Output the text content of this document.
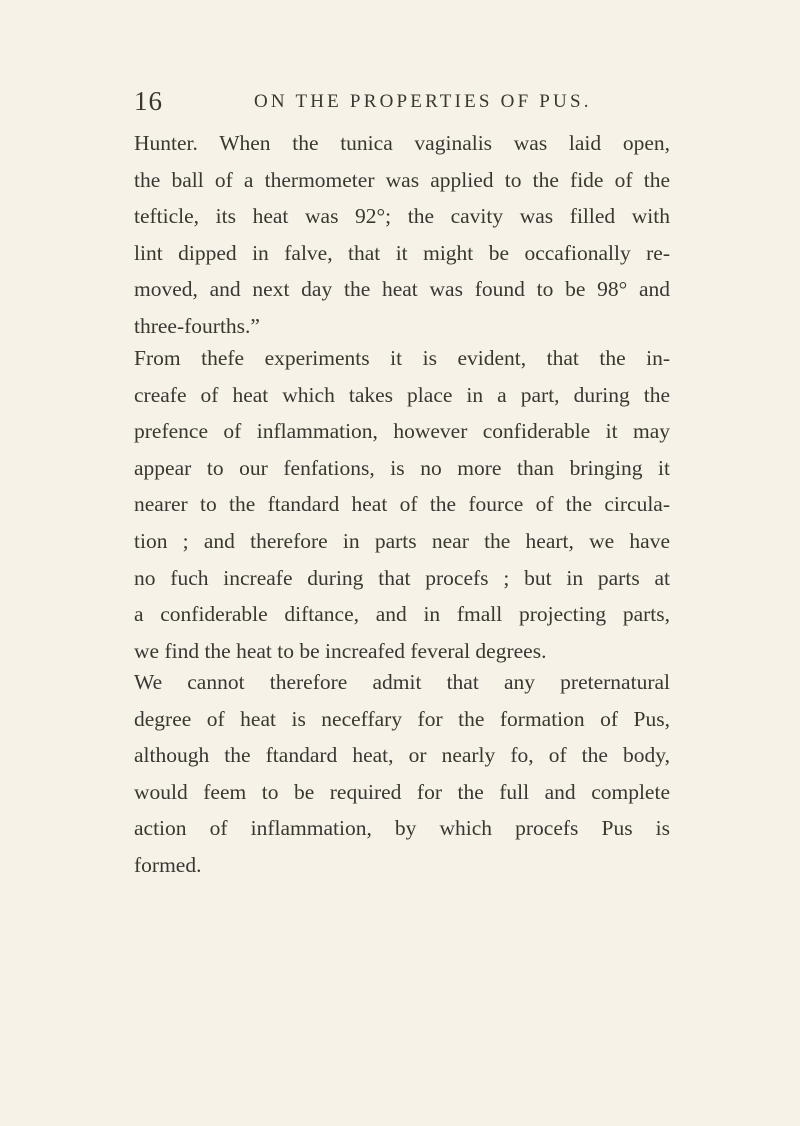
16	ON THE PROPERTIES OF PUS.
Hunter. When the tunica vaginalis was laid open,
the ball of a thermometer was applied to the fide of the
tefticle, its heat was 92°; the cavity was filled with
lint dipped in falve, that it might be occafionally re-
moved, and next day the heat was found to be 98° and
three-fourths.”
From thefe experiments it is evident, that the in-
creafe of heat which takes place in a part, during the
prefence of inflammation, however confiderable it may
appear to our fenfations, is no more than bringing it
nearer to the ftandard heat of the fource of the circula-
tion ; and therefore in parts near the heart, we have
no fuch increafe during that procefs ; but in parts at
a confiderable diftance, and in fmall projecting parts,
we find the heat to be increafed feveral degrees.
We cannot therefore admit that any preternatural
degree of heat is neceffary for the formation of Pus,
although the ftandard heat, or nearly fo, of the body,
would feem to be required for the full and complete
action of inflammation, by which procefs Pus is
formed.
